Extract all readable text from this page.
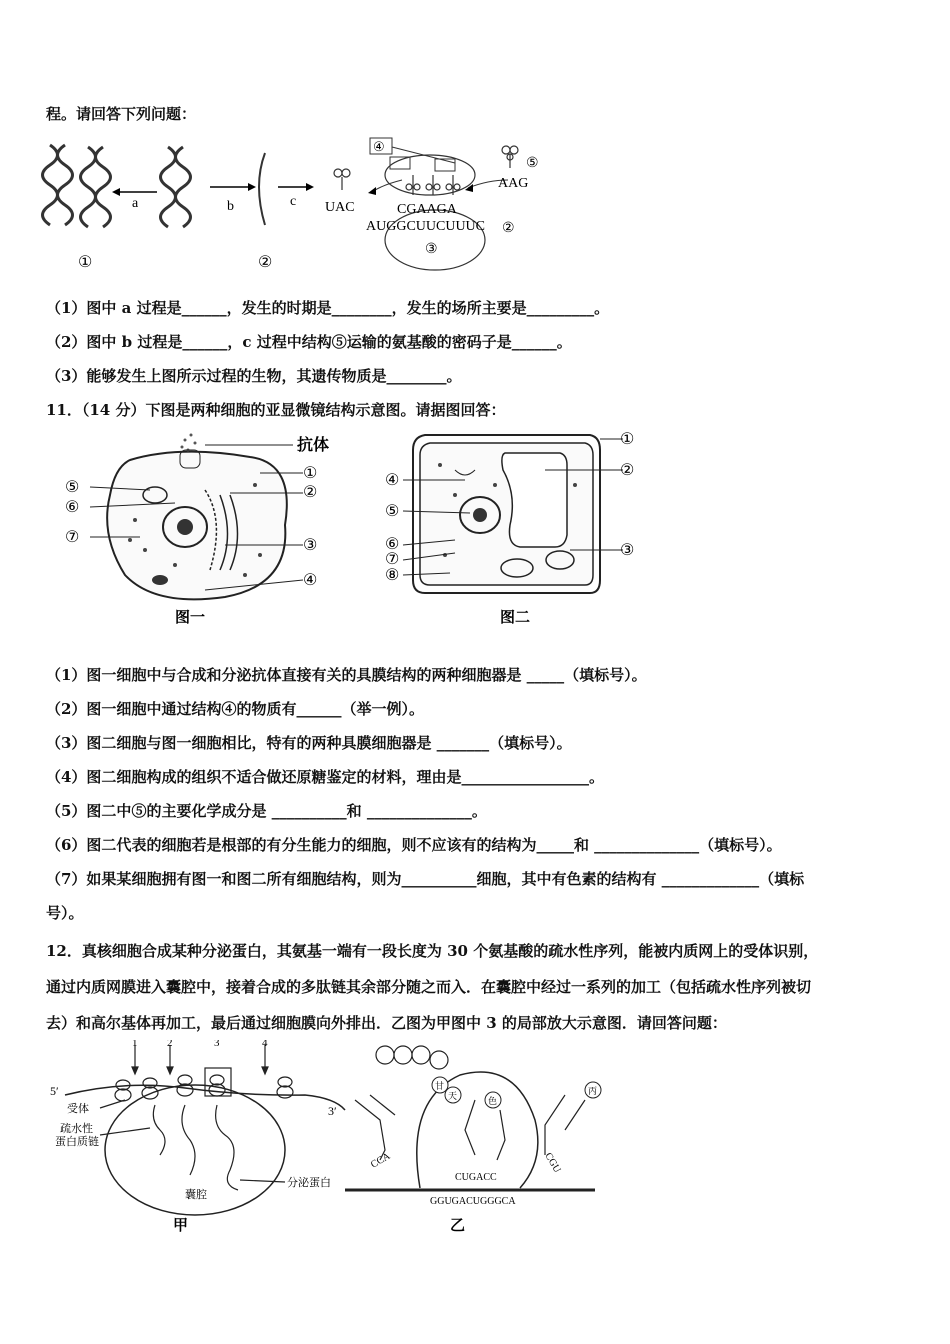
程。请回答下列问题：
a	b	c UAC
④
⑤
AAG
CGAAGA
AUGGCUUCUUUC ②
③
①	②
（1）图中 a 过程是______，发生的时期是________，发生的场所主要是_________。
（2）图中 b 过程是______，c 过程中结构⑤运输的氨基酸的密码子是______。
（3）能够发生上图所示过程的生物，其遗传物质是________。
11．（14 分）下图是两种细胞的亚显微镜结构示意图。请据图回答：
抗体
①
②
③
④
⑤
⑥
⑦
图一
①
②
③
④
⑤
⑥
⑦
⑧
图二
（1）图一细胞中与合成和分泌抗体直接有关的具膜结构的两种细胞器是 _____（填标号）。
（2）图一细胞中通过结构④的物质有______（举一例）。
（3）图二细胞与图一细胞相比，特有的两种具膜细胞器是 _______（填标号）。
（4）图二细胞构成的组织不适合做还原糖鉴定的材料，理由是_________________。
（5）图二中⑤的主要化学成分是 __________和 ______________。
（6）图二代表的细胞若是根部的有分生能力的细胞，则不应该有的结构为_____和 ______________（填标号）。
（7）如果某细胞拥有图一和图二所有细胞结构，则为__________细胞，其中有色素的结构有 _____________（填标
号）。
12．真核细胞合成某种分泌蛋白，其氨基一端有一段长度为 30 个氨基酸的疏水性序列，能被内质网上的受体识别，
通过内质网膜进入囊腔中，接着合成的多肽链其余部分随之而入．在囊腔中经过一系列的加工（包括疏水性序列被切
去）和高尔基体再加工，最后通过细胞膜向外排出．乙图为甲图中 3 的局部放大示意图．请回答问题：
5′
3′
1	2	3	4
受体
疏水性
蛋白质链
分泌蛋白
囊腔
甲
甘
天	色
丙
CCA
CUGACC
CGU
GGUGACUGGGCA
乙
